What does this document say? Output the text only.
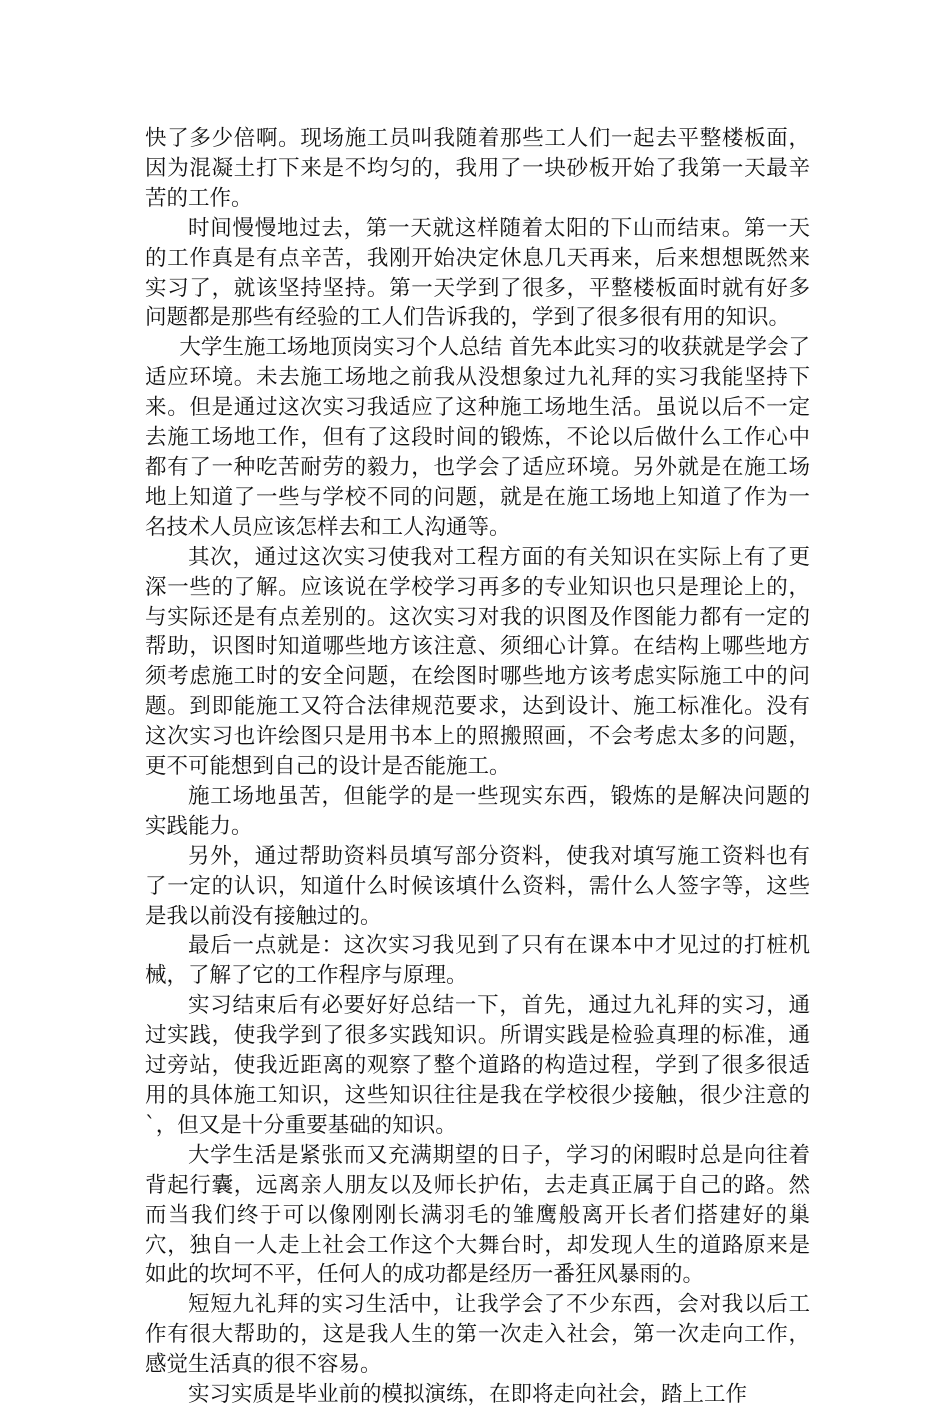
快了多少倍啊。现场施工员叫我随着那些工人们一起去平整楼板面，因为混凝土打下来是不均匀的，我用了一块砂板开始了我第一天最辛苦的工作。

时间慢慢地过去，第一天就这样随着太阳的下山而结束。第一天的工作真是有点辛苦，我刚开始决定休息几天再来，后来想想既然来实习了，就该坚持坚持。第一天学到了很多，平整楼板面时就有好多问题都是那些有经验的工人们告诉我的，学到了很多很有用的知识。

大学生施工场地顶岗实习个人总结 首先本此实习的收获就是学会了适应环境。未去施工场地之前我从没想象过九礼拜的实习我能坚持下来。但是通过这次实习我适应了这种施工场地生活。虽说以后不一定去施工场地工作，但有了这段时间的锻炼，不论以后做什么工作心中都有了一种吃苦耐劳的毅力，也学会了适应环境。另外就是在施工场地上知道了一些与学校不同的问题，就是在施工场地上知道了作为一名技术人员应该怎样去和工人沟通等。

其次，通过这次实习使我对工程方面的有关知识在实际上有了更深一些的了解。应该说在学校学习再多的专业知识也只是理论上的，与实际还是有点差别的。这次实习对我的识图及作图能力都有一定的帮助，识图时知道哪些地方该注意、须细心计算。在结构上哪些地方须考虑施工时的安全问题，在绘图时哪些地方该考虑实际施工中的问题。到即能施工又符合法律规范要求，达到设计、施工标准化。没有这次实习也许绘图只是用书本上的照搬照画，不会考虑太多的问题，更不可能想到自己的设计是否能施工。

施工场地虽苦，但能学的是一些现实东西，锻炼的是解决问题的实践能力。

另外，通过帮助资料员填写部分资料，使我对填写施工资料也有了一定的认识，知道什么时候该填什么资料，需什么人签字等，这些是我以前没有接触过的。

最后一点就是：这次实习我见到了只有在课本中才见过的打桩机械，了解了它的工作程序与原理。

实习结束后有必要好好总结一下，首先，通过九礼拜的实习，通过实践，使我学到了很多实践知识。所谓实践是检验真理的标准，通过旁站，使我近距离的观察了整个道路的构造过程，学到了很多很适用的具体施工知识，这些知识往往是我在学校很少接触，很少注意的`，但又是十分重要基础的知识。

大学生活是紧张而又充满期望的日子，学习的闲暇时总是向往着背起行囊，远离亲人朋友以及师长护佑，去走真正属于自己的路。然而当我们终于可以像刚刚长满羽毛的雏鹰般离开长者们搭建好的巢穴，独自一人走上社会工作这个大舞台时，却发现人生的道路原来是如此的坎坷不平，任何人的成功都是经历一番狂风暴雨的。

短短九礼拜的实习生活中，让我学会了不少东西，会对我以后工作有很大帮助的，这是我人生的第一次走入社会，第一次走向工作，感觉生活真的很不容易。

实习实质是毕业前的模拟演练，在即将走向社会，踏上工作
